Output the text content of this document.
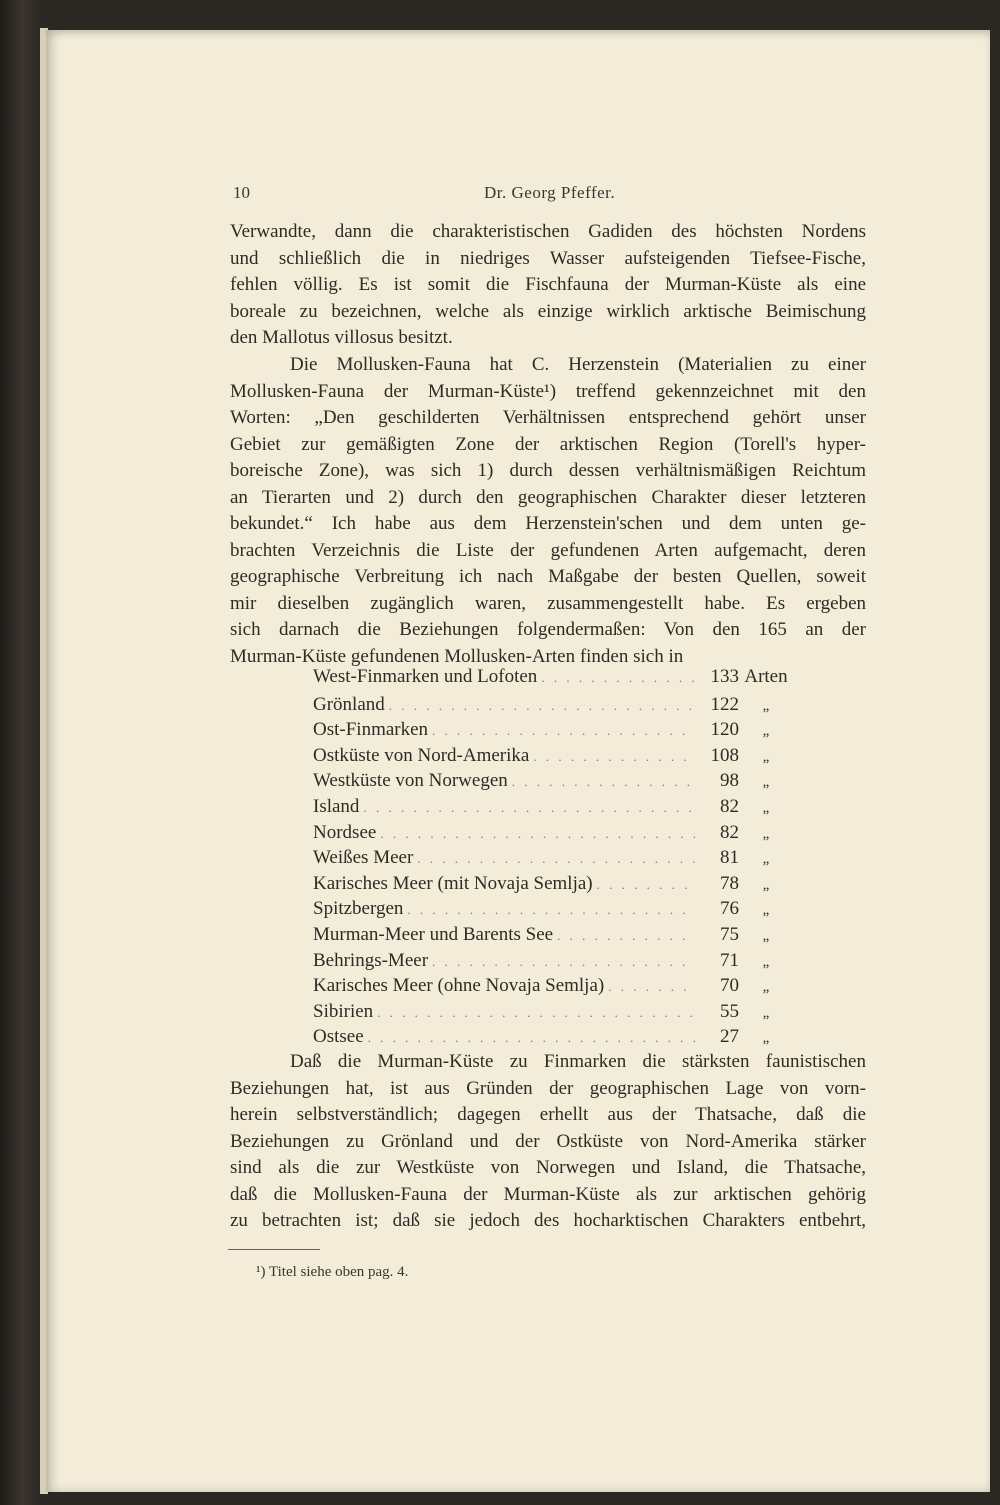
10	Dr. Georg Pfeffer.
Verwandte, dann die charakteristischen Gadiden des höchsten Nordens
und schließlich die in niedriges Wasser aufsteigenden Tiefsee-Fische,
fehlen völlig. Es ist somit die Fischfauna der Murman-Küste als eine
boreale zu bezeichnen, welche als einzige wirklich arktische Beimischung
den Mallotus villosus besitzt.
Die Mollusken-Fauna hat C. Herzenstein (Materialien zu einer
Mollusken-Fauna der Murman-Küste¹) treffend gekennzeichnet mit den
Worten: „Den geschilderten Verhältnissen entsprechend gehört unser
Gebiet zur gemäßigten Zone der arktischen Region (Torell's hyper-
boreische Zone), was sich 1) durch dessen verhältnismäßigen Reichtum
an Tierarten und 2) durch den geographischen Charakter dieser letzteren
bekundet.“ Ich habe aus dem Herzenstein'schen und dem unten ge-
brachten Verzeichnis die Liste der gefundenen Arten aufgemacht, deren
geographische Verbreitung ich nach Maßgabe der besten Quellen, soweit
mir dieselben zugänglich waren, zusammengestellt habe. Es ergeben
sich darnach die Beziehungen folgendermaßen: Von den 165 an der
Murman-Küste gefundenen Mollusken-Arten finden sich in
West-Finmarken und Lofoten . . .	133 Arten
Grönland . . .	122	„
Ost-Finmarken . . .	120	„
Ostküste von Nord-Amerika . . .	108	„
Westküste von Norwegen . . .	98	„
Island . . .	82	„
Nordsee . . .	82	„
Weißes Meer . . .	81	„
Karisches Meer (mit Novaja Semlja) . . .	78	„
Spitzbergen . . .	76	„
Murman-Meer und Barents See . . .	75	„
Behrings-Meer . . .	71	„
Karisches Meer (ohne Novaja Semlja) . . .	70	„
Sibirien . . .	55	„
Ostsee . . .	27	„
Daß die Murman-Küste zu Finmarken die stärksten faunistischen
Beziehungen hat, ist aus Gründen der geographischen Lage von vorn-
herein selbstverständlich; dagegen erhellt aus der Thatsache, daß die
Beziehungen zu Grönland und der Ostküste von Nord-Amerika stärker
sind als die zur Westküste von Norwegen und Island, die Thatsache,
daß die Mollusken-Fauna der Murman-Küste als zur arktischen gehörig
zu betrachten ist; daß sie jedoch des hocharktischen Charakters entbehrt,
¹) Titel siehe oben pag. 4.
